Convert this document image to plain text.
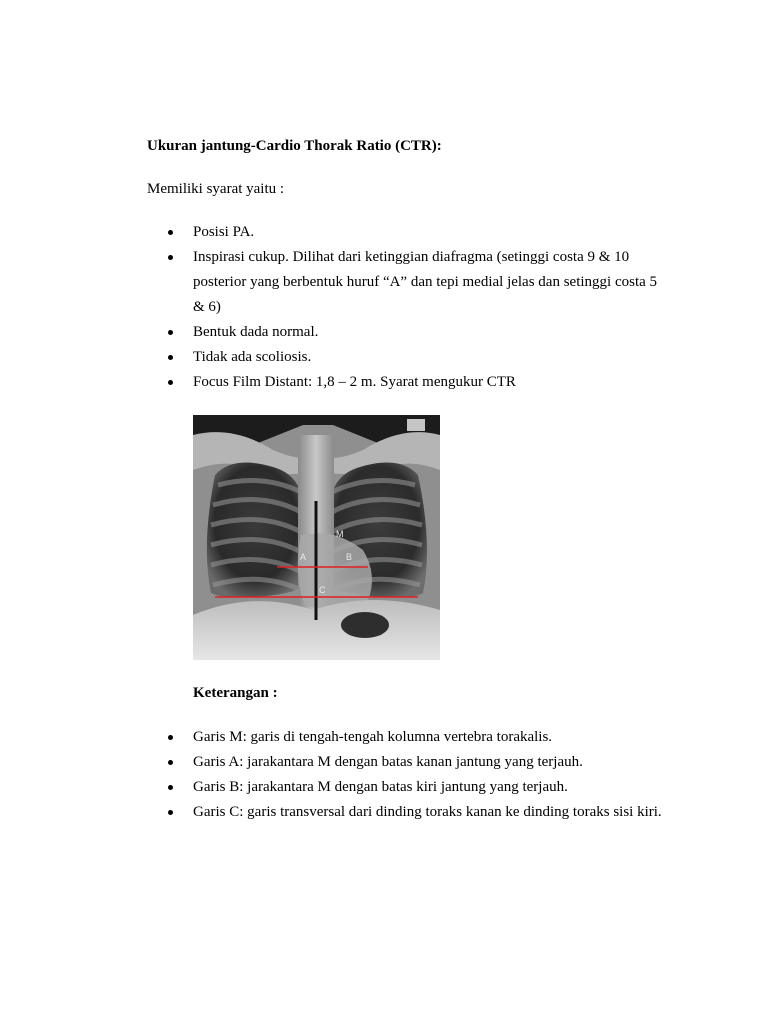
Ukuran jantung-Cardio Thorak Ratio (CTR):
Memiliki syarat yaitu :
Posisi PA.
Inspirasi cukup. Dilihat dari ketinggian diafragma (setinggi costa 9 & 10 posterior yang berbentuk huruf “A” dan tepi medial jelas dan setinggi costa 5 & 6)
Bentuk dada normal.
Tidak ada scoliosis.
Focus Film Distant: 1,8 – 2 m. Syarat mengukur CTR
M
A	B
C
Keterangan :
Garis M: garis di tengah-tengah kolumna vertebra torakalis.
Garis A: jarakantara M dengan batas kanan jantung yang terjauh.
Garis B: jarakantara M dengan batas kiri jantung yang terjauh.
Garis C: garis transversal dari dinding toraks kanan ke dinding toraks sisi kiri.
